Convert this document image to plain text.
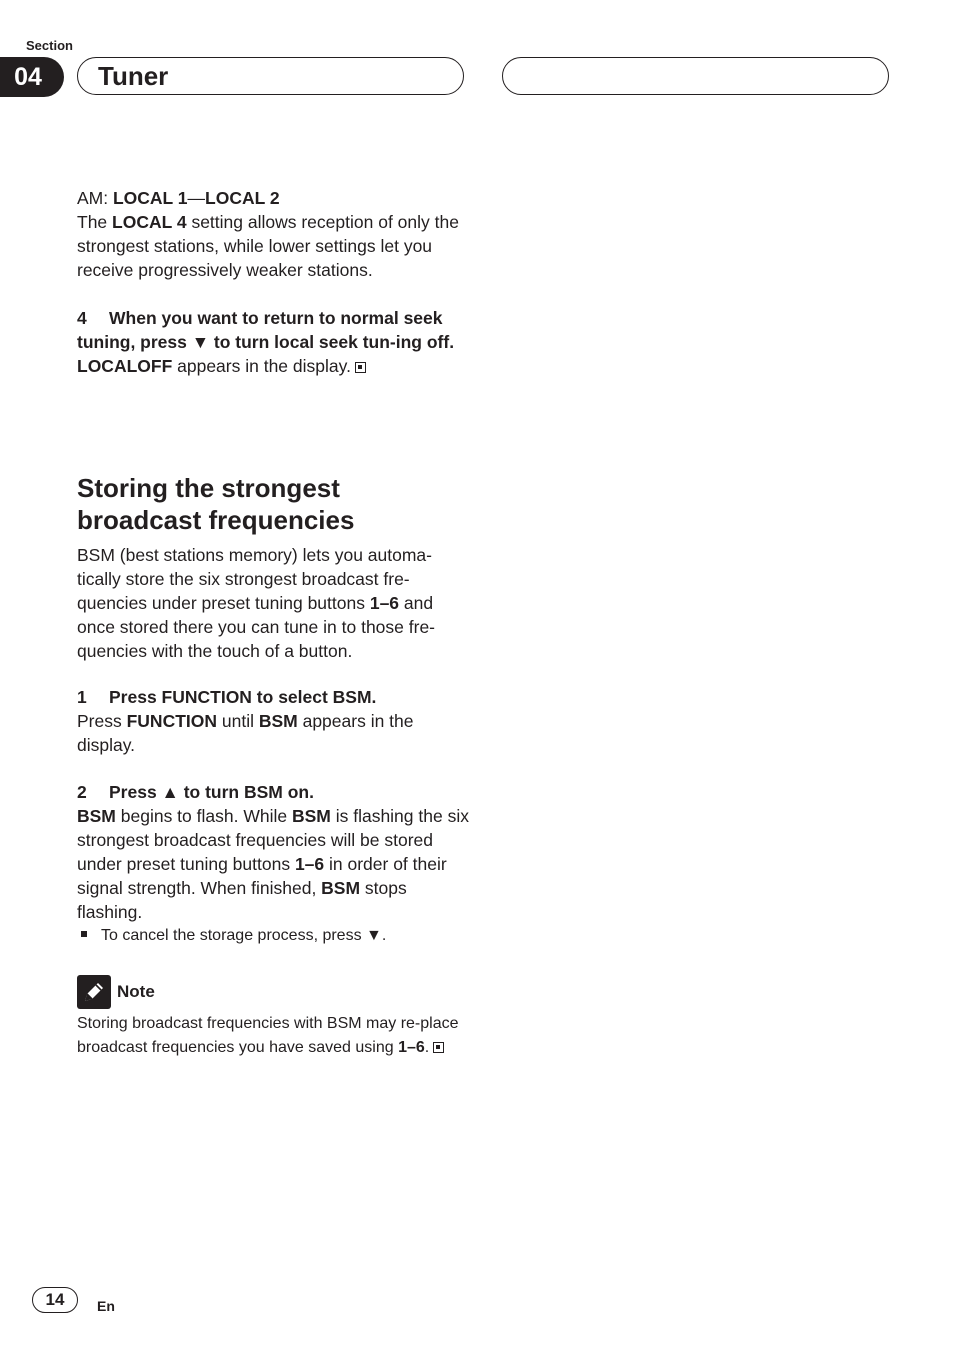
Section
04	Tuner

AM: LOCAL 1—LOCAL 2

The LOCAL 4 setting allows reception of only the strongest stations, while lower settings let you receive progressively weaker stations.

4 When you want to return to normal seek tuning, press ▼ to turn local seek tun-ing off.

LOCALOFF appears in the display.

Storing the strongest broadcast frequencies

BSM (best stations memory) lets you automa-tically store the six strongest broadcast fre-quencies under preset tuning buttons 1–6 and once stored there you can tune in to those fre-quencies with the touch of a button.

1 Press FUNCTION to select BSM.

Press FUNCTION until BSM appears in the display.

2 Press ▲ to turn BSM on.

BSM begins to flash. While BSM is flashing the six strongest broadcast frequencies will be stored under preset tuning buttons 1–6 in order of their signal strength. When finished, BSM stops flashing.

To cancel the storage process, press ▼.

Note

Storing broadcast frequencies with BSM may re-place broadcast frequencies you have saved using 1–6.

14	En
